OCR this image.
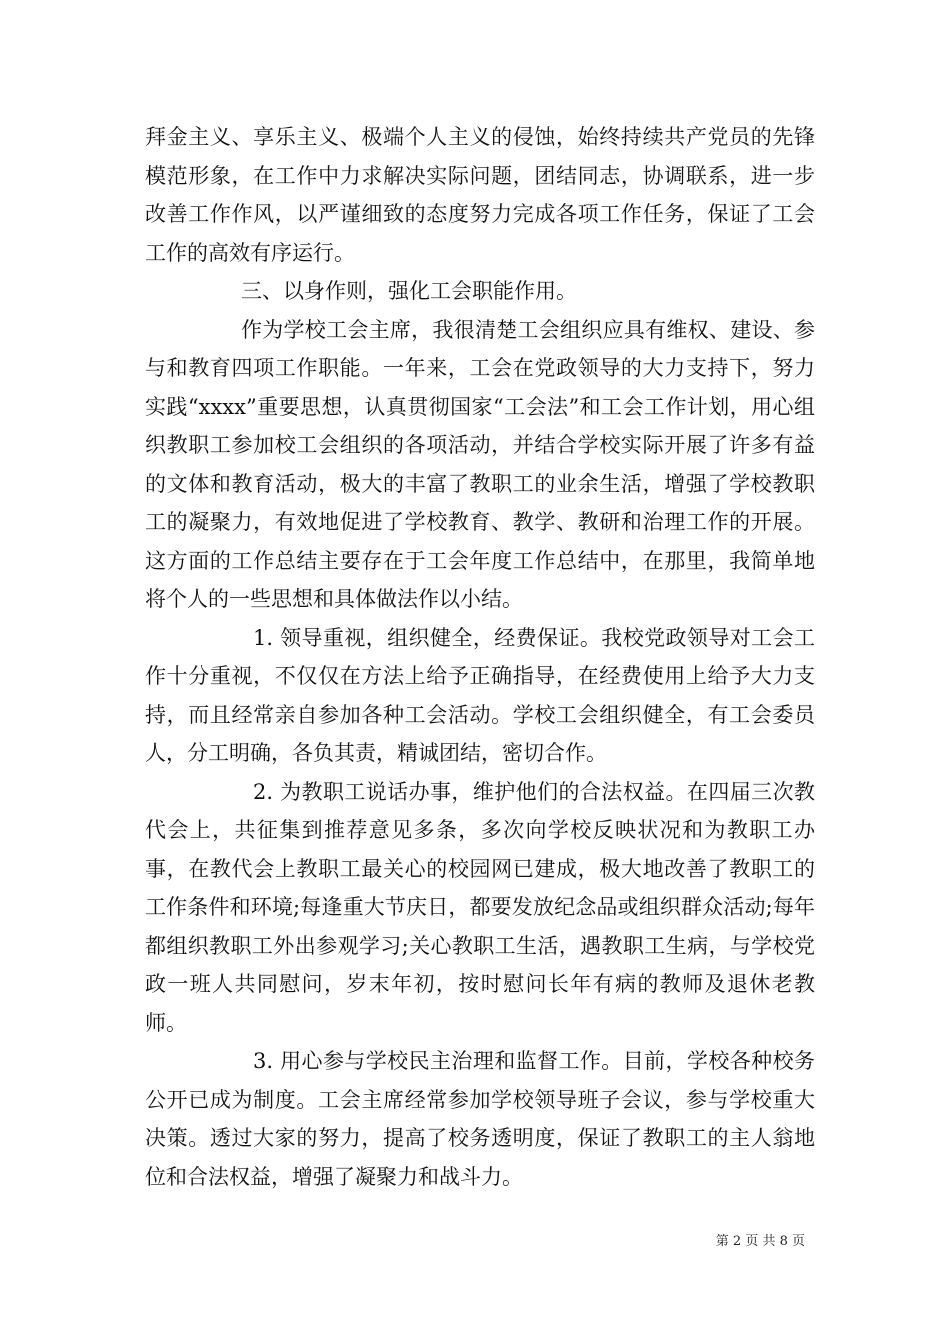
拜金主义、享乐主义、极端个人主义的侵蚀，始终持续共产党员的先锋模范形象，在工作中力求解决实际问题，团结同志，协调联系，进一步改善工作作风，以严谨细致的态度努力完成各项工作任务，保证了工会工作的高效有序运行。

三、以身作则，强化工会职能作用。

作为学校工会主席，我很清楚工会组织应具有维权、建设、参与和教育四项工作职能。一年来，工会在党政领导的大力支持下，努力实践“xxxx”重要思想，认真贯彻国家“工会法”和工会工作计划，用心组织教职工参加校工会组织的各项活动，并结合学校实际开展了许多有益的文体和教育活动，极大的丰富了教职工的业余生活，增强了学校教职工的凝聚力，有效地促进了学校教育、教学、教研和治理工作的开展。这方面的工作总结主要存在于工会年度工作总结中，在那里，我简单地将个人的一些思想和具体做法作以小结。

1. 领导重视，组织健全，经费保证。我校党政领导对工会工作十分重视，不仅仅在方法上给予正确指导，在经费使用上给予大力支持，而且经常亲自参加各种工会活动。学校工会组织健全，有工会委员人，分工明确，各负其责，精诚团结，密切合作。

2. 为教职工说话办事，维护他们的合法权益。在四届三次教代会上，共征集到推荐意见多条，多次向学校反映状况和为教职工办事，在教代会上教职工最关心的校园网已建成，极大地改善了教职工的工作条件和环境;每逢重大节庆日，都要发放纪念品或组织群众活动;每年都组织教职工外出参观学习;关心教职工生活，遇教职工生病，与学校党政一班人共同慰问，岁末年初，按时慰问长年有病的教师及退休老教师。

3. 用心参与学校民主治理和监督工作。目前，学校各种校务公开已成为制度。工会主席经常参加学校领导班子会议，参与学校重大决策。透过大家的努力，提高了校务透明度，保证了教职工的主人翁地位和合法权益，增强了凝聚力和战斗力。

第 2 页 共 8 页
